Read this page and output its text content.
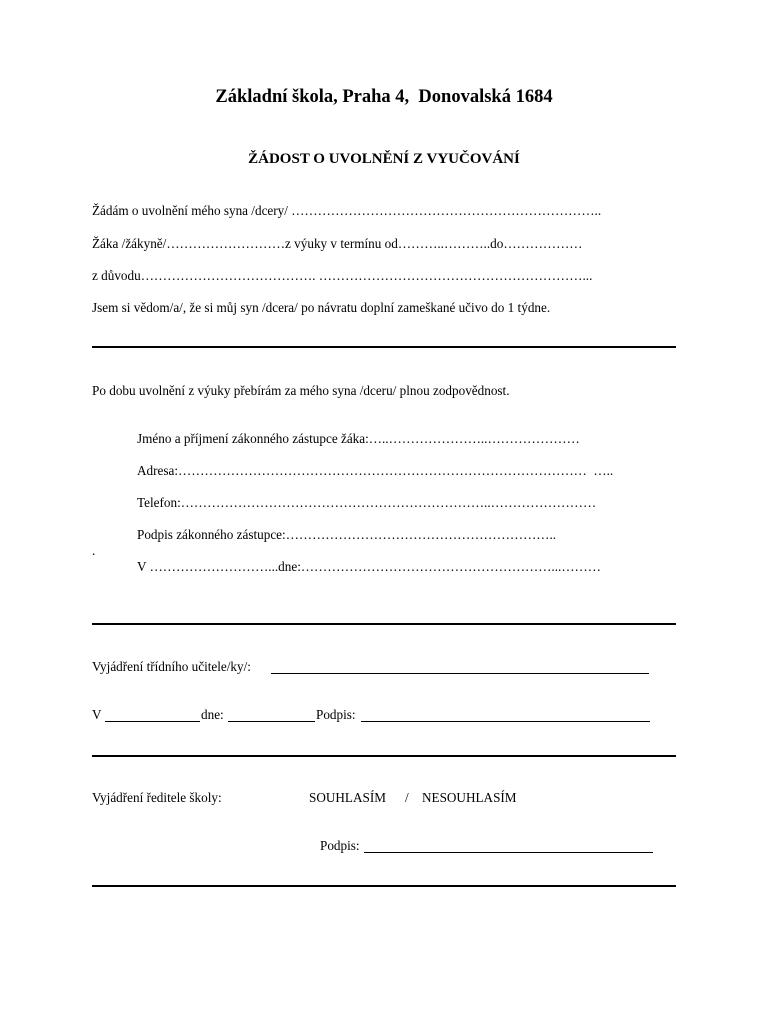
Základní škola, Praha 4,  Donovalská 1684
ŽÁDOST O UVOLNĚNÍ Z VYUČOVÁNÍ
Žádám o uvolnění mého syna /dcery/ ……………………………………………………………..
Žáka /žákyně/………………………z výuky v termínu od………..………..do………………
z důvodu…………………………………. ……………………………………………………...
Jsem si vědom/a/, že si můj syn /dcera/ po návratu doplní zameškané učivo do 1 týdne.
Po dobu uvolnění z výuky přebírám za mého syna /dceru/ plnou zodpovědnost.
Jméno a příjmení zákonného zástupce žáka:…..…………………..…………………
Adresa:…………………………………………………………………………………  …..
Telefon:……………………………………………………………..……………………
Podpis zákonného zástupce:……………………………………………………..
.
V ………………………...dne:…………………………………………………...………
Vyjádření třídního učitele/ky/:
V	dne:	Podpis:
Vyjádření ředitele školy:	SOUHLASÍM / NESOUHLASÍM
Podpis:
